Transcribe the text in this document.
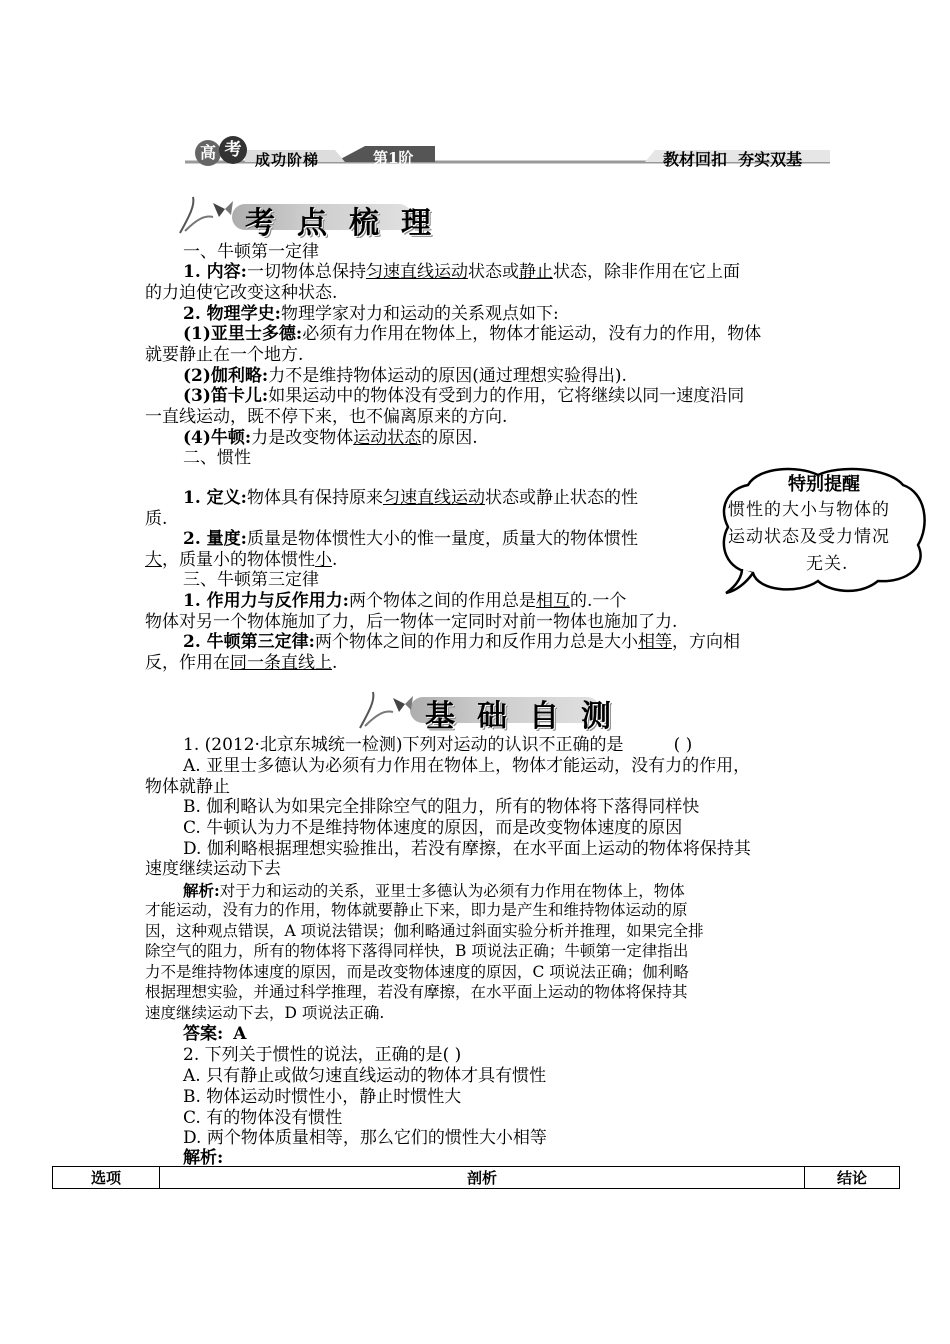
高 考 成功阶梯	第1阶	教材回扣  夯实双基
考点梳理
一、牛顿第一定律
1. 内容:一切物体总保持匀速直线运动状态或静止状态，除非作用在它上面
的力迫使它改变这种状态.
2. 物理学史:物理学家对力和运动的关系观点如下:
(1)亚里士多德:必须有力作用在物体上，物体才能运动，没有力的作用，物体
就要静止在一个地方.
(2)伽利略:力不是维持物体运动的原因(通过理想实验得出).
(3)笛卡儿:如果运动中的物体没有受到力的作用，它将继续以同一速度沿同
一直线运动，既不停下来，也不偏离原来的方向.
(4)牛顿:力是改变物体运动状态的原因.
二、惯性
1. 定义:物体具有保持原来匀速直线运动状态或静止状态的性
质.
2. 量度:质量是物体惯性大小的惟一量度，质量大的物体惯性
大，质量小的物体惯性小.
三、牛顿第三定律
1. 作用力与反作用力:两个物体之间的作用总是相互的.一个
物体对另一个物体施加了力，后一物体一定同时对前一物体也施加了力.
2. 牛顿第三定律:两个物体之间的作用力和反作用力总是大小相等，方向相
反，作用在同一条直线上.
特别提醒
惯性的大小与物体的
运动状态及受力情况
无关.
基础自测
1. (2012·北京东城统一检测)下列对运动的认识不正确的是	( )
A. 亚里士多德认为必须有力作用在物体上，物体才能运动，没有力的作用，
物体就静止
B. 伽利略认为如果完全排除空气的阻力，所有的物体将下落得同样快
C. 牛顿认为力不是维持物体速度的原因，而是改变物体速度的原因
D. 伽利略根据理想实验推出，若没有摩擦，在水平面上运动的物体将保持其
速度继续运动下去
解析:对于力和运动的关系，亚里士多德认为必须有力作用在物体上，物体
才能运动，没有力的作用，物体就要静止下来，即力是产生和维持物体运动的原
因，这种观点错误，A 项说法错误；伽利略通过斜面实验分析并推理，如果完全排
除空气的阻力，所有的物体将下落得同样快，B 项说法正确；牛顿第一定律指出
力不是维持物体速度的原因，而是改变物体速度的原因，C 项说法正确；伽利略
根据理想实验，并通过科学推理，若没有摩擦，在水平面上运动的物体将保持其
速度继续运动下去，D 项说法正确.
答案: A
2. 下列关于惯性的说法，正确的是( )
A. 只有静止或做匀速直线运动的物体才具有惯性
B. 物体运动时惯性小，静止时惯性大
C. 有的物体没有惯性
D. 两个物体质量相等，那么它们的惯性大小相等
解析:
选项	剖析	结论
